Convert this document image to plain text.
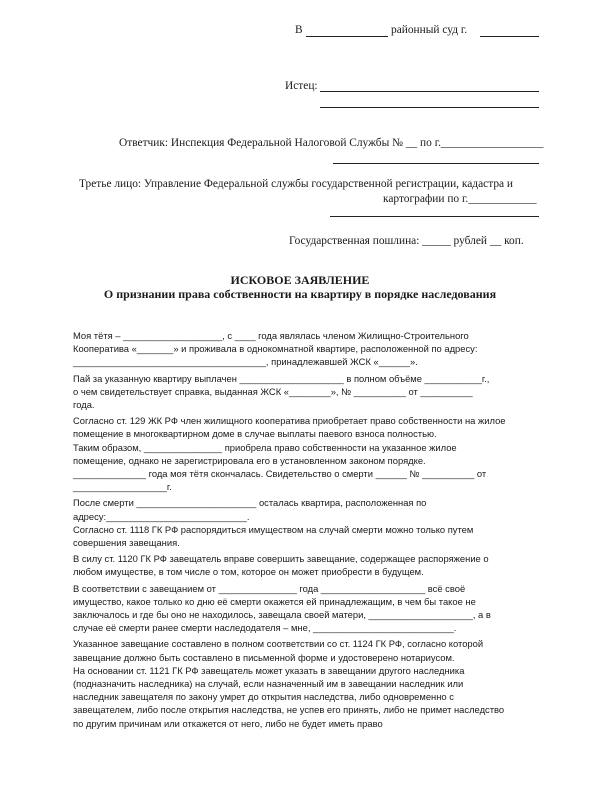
В	районный суд г.
Истец:
Ответчик: Инспекция Федеральной Налоговой Службы № __ по г.__________________
Третье лицо: Управление Федеральной службы государственной регистрации, кадастра и
картографии по г.____________
Государственная пошлина: _____ рублей __ коп.
ИСКОВОЕ ЗАЯВЛЕНИЕ
О признании права собственности на квартиру в порядке наследования

Моя тётя – ___________________, с ____ года являлась членом Жилищно-Строительного

Кооператива «_______» и проживала в однокомнатной квартире, расположенной по адресу:

_____________________________________, принадлежавшей ЖСК «______».

Пай за указанную квартиру выплачен ____________________ в полном объёме ___________г.,

о чем свидетельствует справка, выданная ЖСК «________», № __________ от __________

года.

Согласно ст. 129 ЖК РФ член жилищного кооператива приобретает право собственности на жилое

помещение в многоквартирном доме в случае выплаты паевого взноса полностью.

Таким образом, _______________ приобрела право собственности на указанное жилое

помещение, однако не зарегистрировала его в установленном законом порядке.

______________ года моя тётя скончалась. Свидетельство о смерти ______ № __________ от

__________________г.

После смерти _______________________ осталась квартира, расположенная по

адресу:___________________________.

Согласно ст. 1118 ГК РФ распорядиться имуществом на случай смерти можно только путем

совершения завещания.

В силу ст. 1120 ГК РФ завещатель вправе совершить завещание, содержащее распоряжение о

любом имуществе, в том числе о том, которое он может приобрести в будущем.

В соответствии с завещанием от _______________ года ____________________ всё своё

имущество, какое только ко дню её смерти окажется ей принадлежащим, в чем бы такое не

заключалось и где бы оно не находилось, завещала своей матери, ____________________, а в

случае её смерти ранее смерти наследодателя – мне, ___________________________.

Указанное завещание составлено в полном соответствии со ст. 1124 ГК РФ, согласно которой

завещание должно быть составлено в письменной форме и удостоверено нотариусом.

На основании ст. 1121 ГК РФ завещатель может указать в завещании другого наследника

(подназначить наследника) на случай, если назначенный им в завещании наследник или

наследник завещателя по закону умрет до открытия наследства, либо одновременно с

завещателем, либо после открытия наследства, не успев его принять, либо не примет наследство

по другим причинам или откажется от него, либо не будет иметь право
